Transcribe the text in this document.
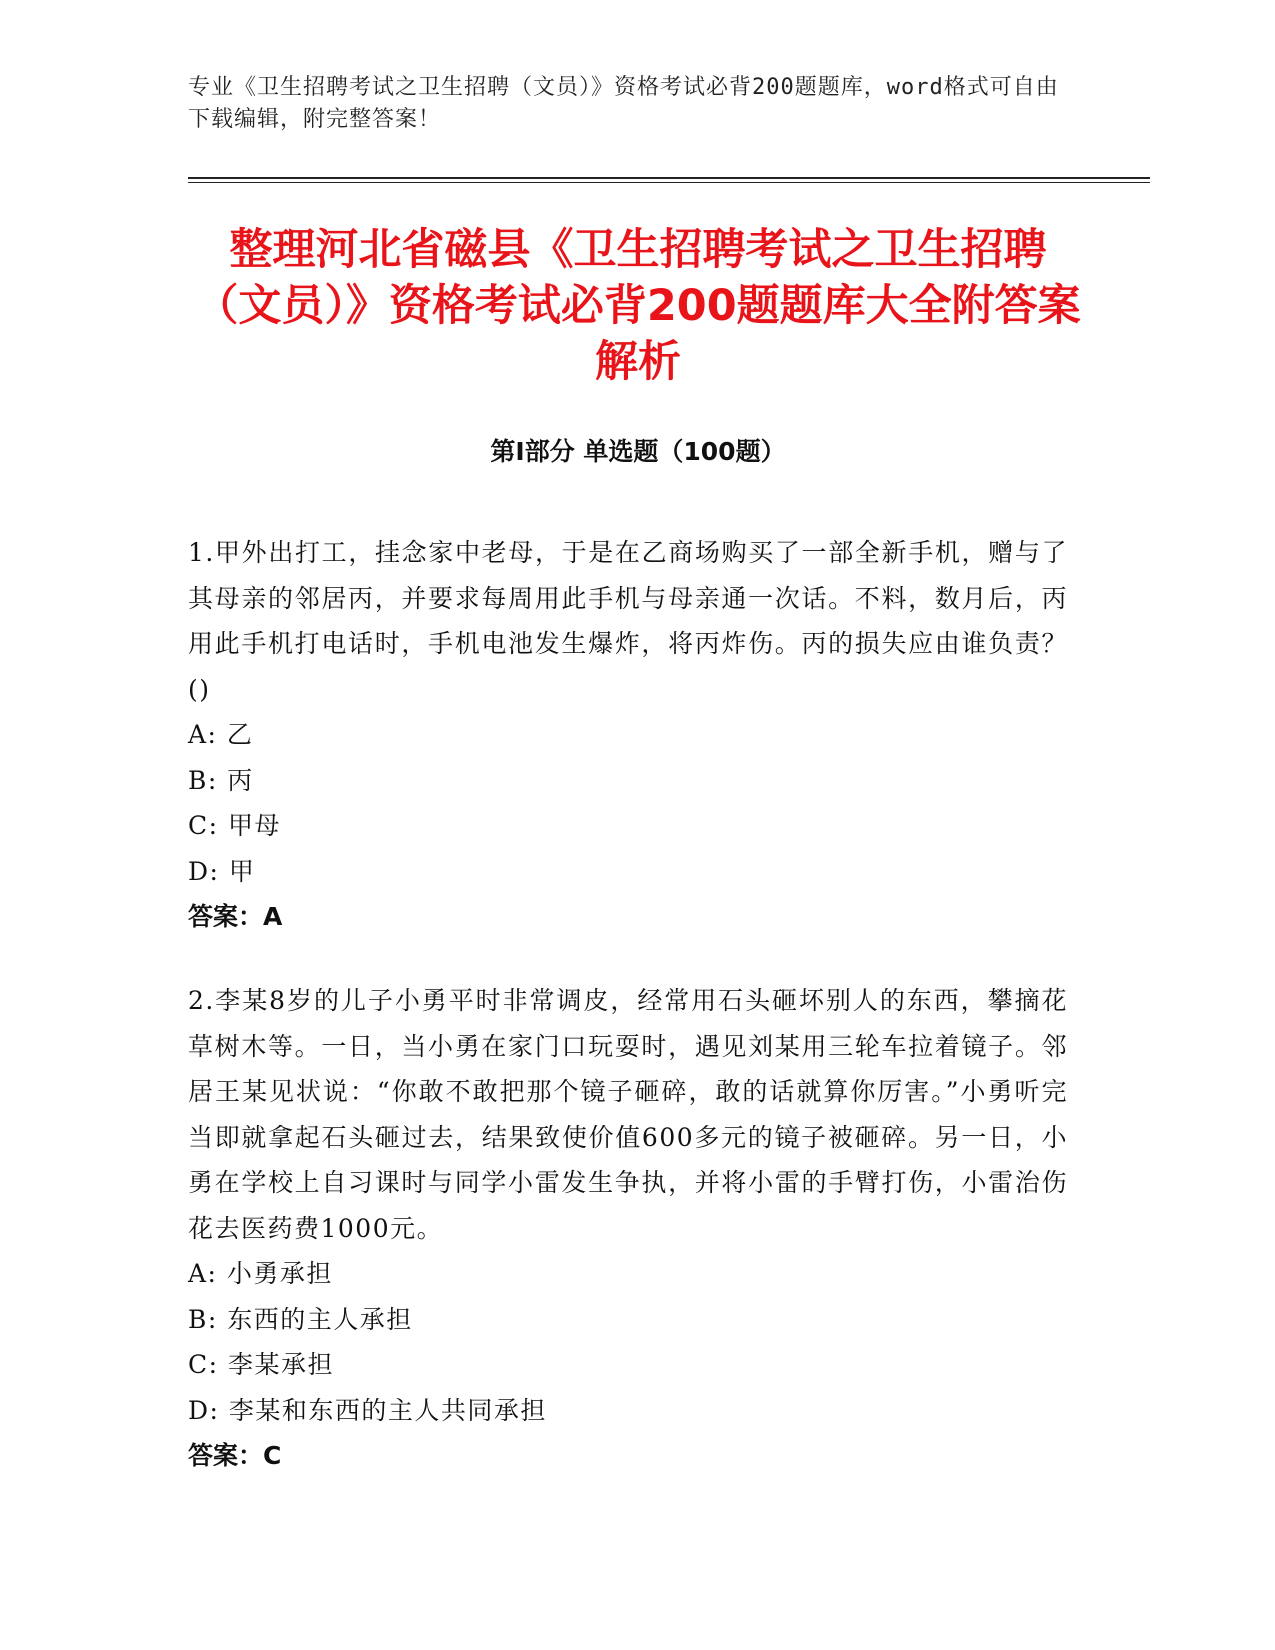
专业《卫生招聘考试之卫生招聘（文员）》资格考试必背200题题库，word格式可自由下载编辑，附完整答案！
整理河北省磁县《卫生招聘考试之卫生招聘（文员）》资格考试必背200题题库大全附答案解析
第I部分 单选题（100题）

1.甲外出打工，挂念家中老母，于是在乙商场购买了一部全新手机，赠与了其母亲的邻居丙，并要求每周用此手机与母亲通一次话。不料，数月后，丙用此手机打电话时，手机电池发生爆炸，将丙炸伤。丙的损失应由谁负责？()

A: 乙

B: 丙

C: 甲母

D: 甲

答案：A

2.李某8岁的儿子小勇平时非常调皮，经常用石头砸坏别人的东西，攀摘花草树木等。一日，当小勇在家门口玩耍时，遇见刘某用三轮车拉着镜子。邻居王某见状说：“你敢不敢把那个镜子砸碎，敢的话就算你厉害。”小勇听完当即就拿起石头砸过去，结果致使价值600多元的镜子被砸碎。另一日，小勇在学校上自习课时与同学小雷发生争执，并将小雷的手臂打伤，小雷治伤花去医药费1000元。

A: 小勇承担

B: 东西的主人承担

C: 李某承担

D: 李某和东西的主人共同承担

答案：C
